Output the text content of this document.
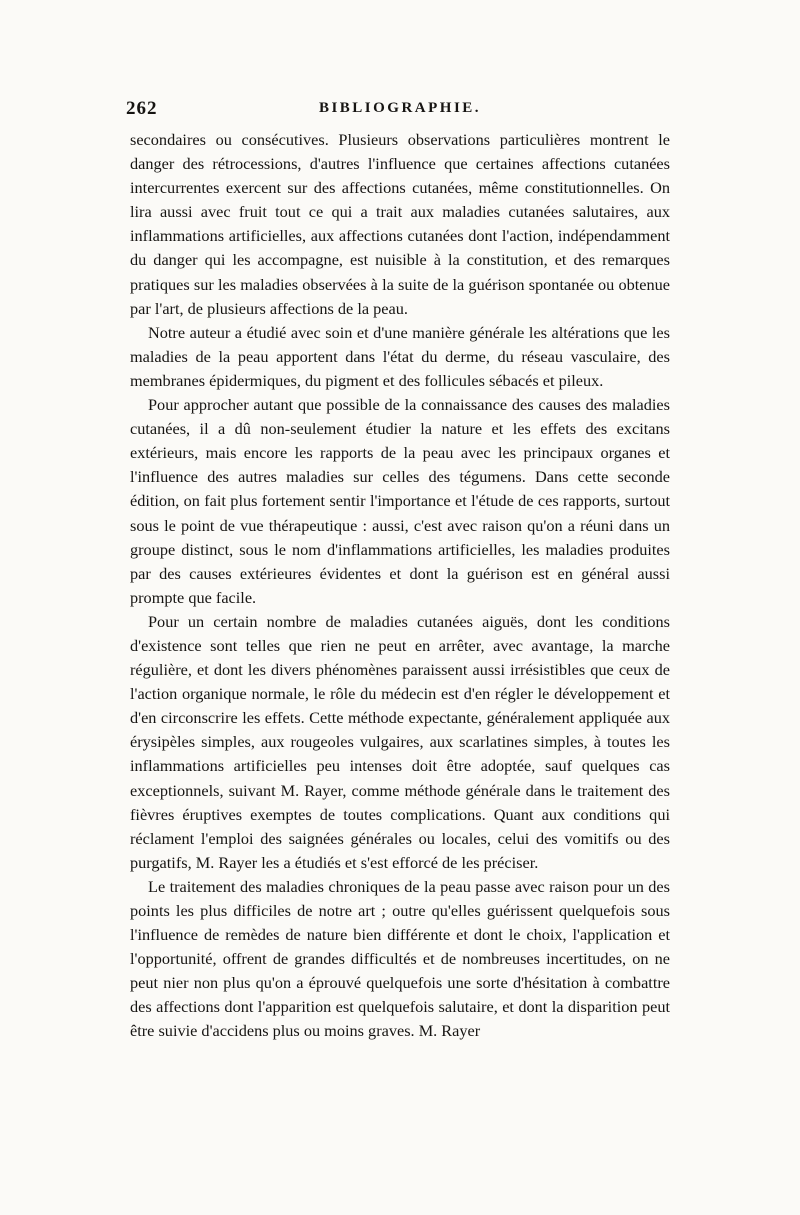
262	BIBLIOGRAPHIE.

secondaires ou consécutives. Plusieurs observations particulières montrent le danger des rétrocessions, d'autres l'influence que certaines affections cutanées intercurrentes exercent sur des affections cutanées, même constitutionnelles. On lira aussi avec fruit tout ce qui a trait aux maladies cutanées salutaires, aux inflammations artificielles, aux affections cutanées dont l'action, indépendamment du danger qui les accompagne, est nuisible à la constitution, et des remarques pratiques sur les maladies observées à la suite de la guérison spontanée ou obtenue par l'art, de plusieurs affections de la peau.

Notre auteur a étudié avec soin et d'une manière générale les altérations que les maladies de la peau apportent dans l'état du derme, du réseau vasculaire, des membranes épidermiques, du pigment et des follicules sébacés et pileux.

Pour approcher autant que possible de la connaissance des causes des maladies cutanées, il a dû non-seulement étudier la nature et les effets des excitans extérieurs, mais encore les rapports de la peau avec les principaux organes et l'influence des autres maladies sur celles des tégumens. Dans cette seconde édition, on fait plus fortement sentir l'importance et l'étude de ces rapports, surtout sous le point de vue thérapeutique : aussi, c'est avec raison qu'on a réuni dans un groupe distinct, sous le nom d'inflammations artificielles, les maladies produites par des causes extérieures évidentes et dont la guérison est en général aussi prompte que facile.

Pour un certain nombre de maladies cutanées aiguës, dont les conditions d'existence sont telles que rien ne peut en arrêter, avec avantage, la marche régulière, et dont les divers phénomènes paraissent aussi irrésistibles que ceux de l'action organique normale, le rôle du médecin est d'en régler le développement et d'en circonscrire les effets. Cette méthode expectante, généralement appliquée aux érysipèles simples, aux rougeoles vulgaires, aux scarlatines simples, à toutes les inflammations artificielles peu intenses doit être adoptée, sauf quelques cas exceptionnels, suivant M. Rayer, comme méthode générale dans le traitement des fièvres éruptives exemptes de toutes complications. Quant aux conditions qui réclament l'emploi des saignées générales ou locales, celui des vomitifs ou des purgatifs, M. Rayer les a étudiés et s'est efforcé de les préciser.

Le traitement des maladies chroniques de la peau passe avec raison pour un des points les plus difficiles de notre art ; outre qu'elles guérissent quelquefois sous l'influence de remèdes de nature bien différente et dont le choix, l'application et l'opportunité, offrent de grandes difficultés et de nombreuses incertitudes, on ne peut nier non plus qu'on a éprouvé quelquefois une sorte d'hésitation à combattre des affections dont l'apparition est quelquefois salutaire, et dont la disparition peut être suivie d'accidens plus ou moins graves. M. Rayer
